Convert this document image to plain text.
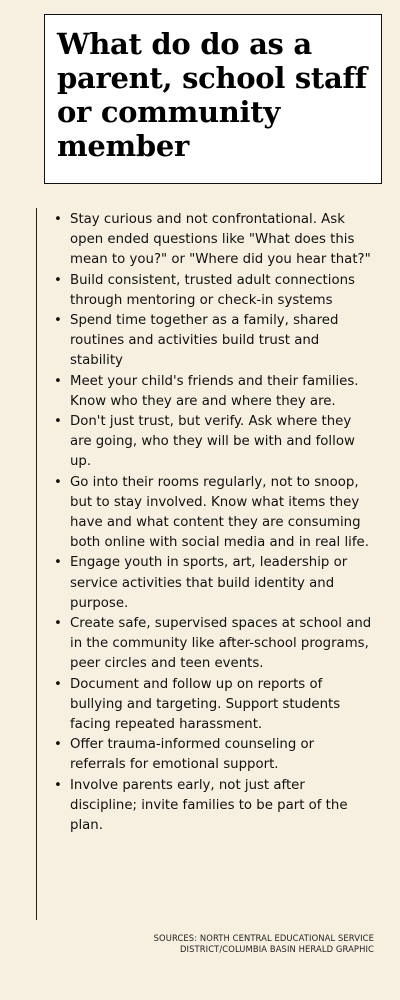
What do do as a parent, school staff or community member
• Stay curious and not confrontational. Ask open ended questions like "What does this mean to you?" or "Where did you hear that?"
• Build consistent, trusted adult connections through mentoring or check-in systems
• Spend time together as a family, shared routines and activities build trust and stability
• Meet your child's friends and their families. Know who they are and where they are.
• Don't just trust, but verify. Ask where they are going, who they will be with and follow up.
• Go into their rooms regularly, not to snoop, but to stay involved. Know what items they have and what content they are consuming both online with social media and in real life.
• Engage youth in sports, art, leadership or service activities that build identity and purpose.
• Create safe, supervised spaces at school and in the community like after-school programs, peer circles and teen events.
• Document and follow up on reports of bullying and targeting. Support students facing repeated harassment.
• Offer trauma-informed counseling or referrals for emotional support.
• Involve parents early, not just after discipline; invite families to be part of the plan.
SOURCES: NORTH CENTRAL EDUCATIONAL SERVICE
DISTRICT/COLUMBIA BASIN HERALD GRAPHIC
